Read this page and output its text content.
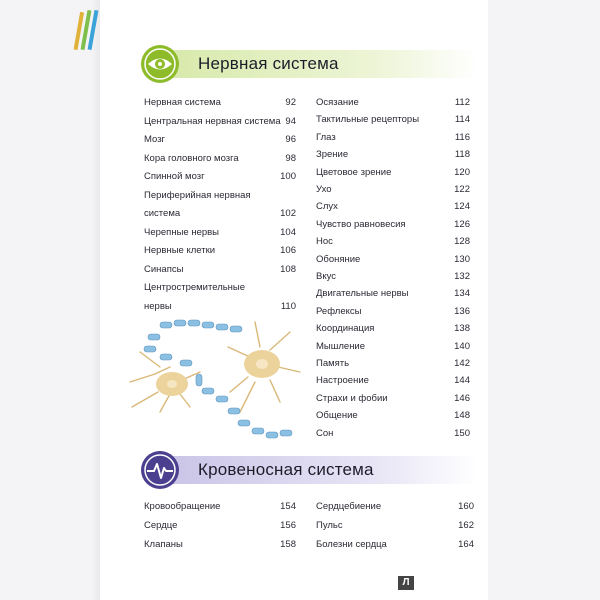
Нервная система
Нервная система	92
Центральная нервная система 94
Мозг	96
Кора головного мозга	98
Спинной мозг	100
Периферийная нервная
система	102
Черепные нервы	104
Нервные клетки	106
Синапсы	108
Центростремительные
нервы	110
Осязание	112
Тактильные рецепторы	114
Глаз	116
Зрение	118
Цветовое зрение	120
Ухо	122
Слух	124
Чувство равновесия	126
Нос	128
Обоняние	130
Вкус	132
Двигательные нервы	134
Рефлексы	136
Координация	138
Мышление	140
Память	142
Настроение	144
Страхи и фобии	146
Общение	148
Сон	150
Кровеносная система
Кровообращение	154
Сердце	156
Клапаны	158
Сердцебиение	160
Пульс	162
Болезни сердца	164
Л
